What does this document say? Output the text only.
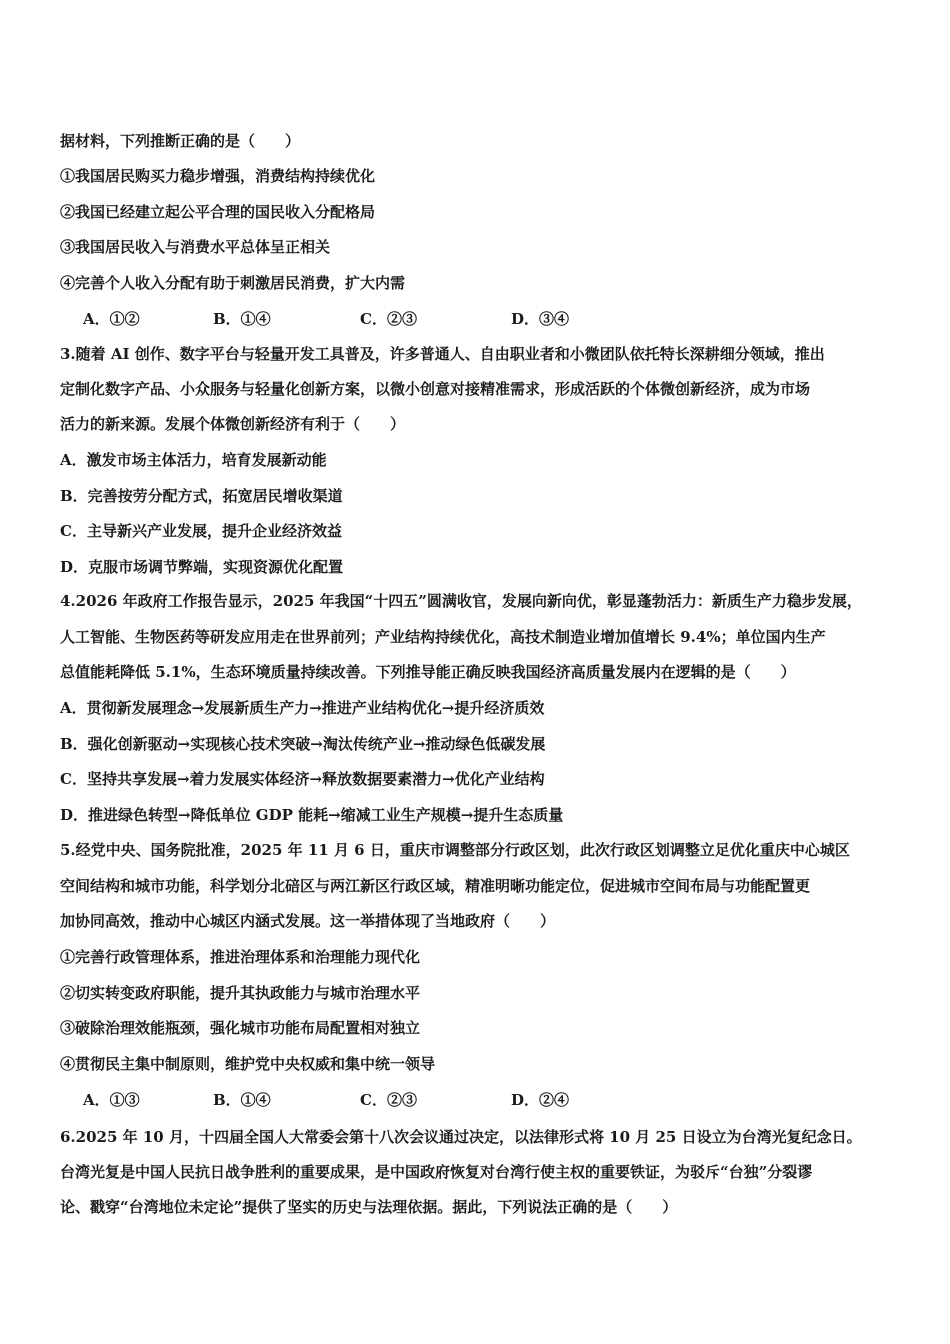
据材料，下列推断正确的是（　　）
①我国居民购买力稳步增强，消费结构持续优化
②我国已经建立起公平合理的国民收入分配格局
③我国居民收入与消费水平总体呈正相关
④完善个人收入分配有助于刺激居民消费，扩大内需
A．①②	B．①④	C．②③	D．③④
3.随着 AI 创作、数字平台与轻量开发工具普及，许多普通人、自由职业者和小微团队依托特长深耕细分领域，推出
定制化数字产品、小众服务与轻量化创新方案，以微小创意对接精准需求，形成活跃的个体微创新经济，成为市场
活力的新来源。发展个体微创新经济有利于（　　）
A．激发市场主体活力，培育发展新动能
B．完善按劳分配方式，拓宽居民增收渠道
C．主导新兴产业发展，提升企业经济效益
D．克服市场调节弊端，实现资源优化配置
4.2026 年政府工作报告显示，2025 年我国“十四五”圆满收官，发展向新向优，彰显蓬勃活力：新质生产力稳步发展，
人工智能、生物医药等研发应用走在世界前列；产业结构持续优化，高技术制造业增加值增长 9.4%；单位国内生产
总值能耗降低 5.1%，生态环境质量持续改善。下列推导能正确反映我国经济高质量发展内在逻辑的是（　　）
A．贯彻新发展理念→发展新质生产力→推进产业结构优化→提升经济质效
B．强化创新驱动→实现核心技术突破→淘汰传统产业→推动绿色低碳发展
C．坚持共享发展→着力发展实体经济→释放数据要素潜力→优化产业结构
D．推进绿色转型→降低单位 GDP 能耗→缩减工业生产规模→提升生态质量
5.经党中央、国务院批准，2025 年 11 月 6 日，重庆市调整部分行政区划，此次行政区划调整立足优化重庆中心城区
空间结构和城市功能，科学划分北碚区与两江新区行政区域，精准明晰功能定位，促进城市空间布局与功能配置更
加协同高效，推动中心城区内涵式发展。这一举措体现了当地政府（　　）
①完善行政管理体系，推进治理体系和治理能力现代化
②切实转变政府职能，提升其执政能力与城市治理水平
③破除治理效能瓶颈，强化城市功能布局配置相对独立
④贯彻民主集中制原则，维护党中央权威和集中统一领导
A．①③	B．①④	C．②③	D．②④
6.2025 年 10 月，十四届全国人大常委会第十八次会议通过决定，以法律形式将 10 月 25 日设立为台湾光复纪念日。
台湾光复是中国人民抗日战争胜利的重要成果，是中国政府恢复对台湾行使主权的重要铁证，为驳斥“台独”分裂谬
论、戳穿“台湾地位未定论”提供了坚实的历史与法理依据。据此，下列说法正确的是（　　）
